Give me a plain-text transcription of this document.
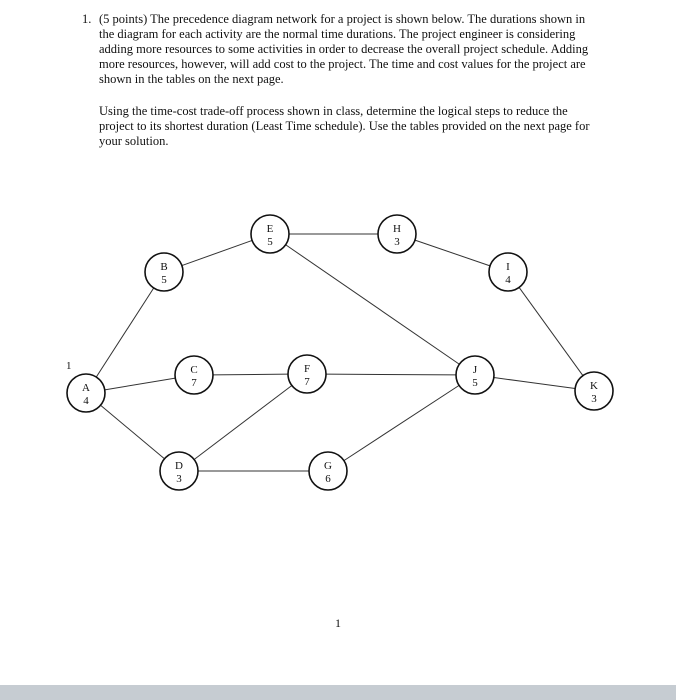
1. (5 points) The precedence diagram network for a project is shown below. The durations shown in the diagram for each activity are the normal time durations. The project engineer is considering adding more resources to some activities in order to decrease the overall project schedule. Adding more resources, however, will add cost to the project. The time and cost values for the project are shown in the tables on the next page.

Using the time-cost trade-off process shown in class, determine the logical steps to reduce the project to its shortest duration (Least Time schedule). Use the tables provided on the next page for your solution.

1
A
4
B
5
C
7
D
3
E
5
F
7
G
6
H
3
I
4
J
5	K
3
1
